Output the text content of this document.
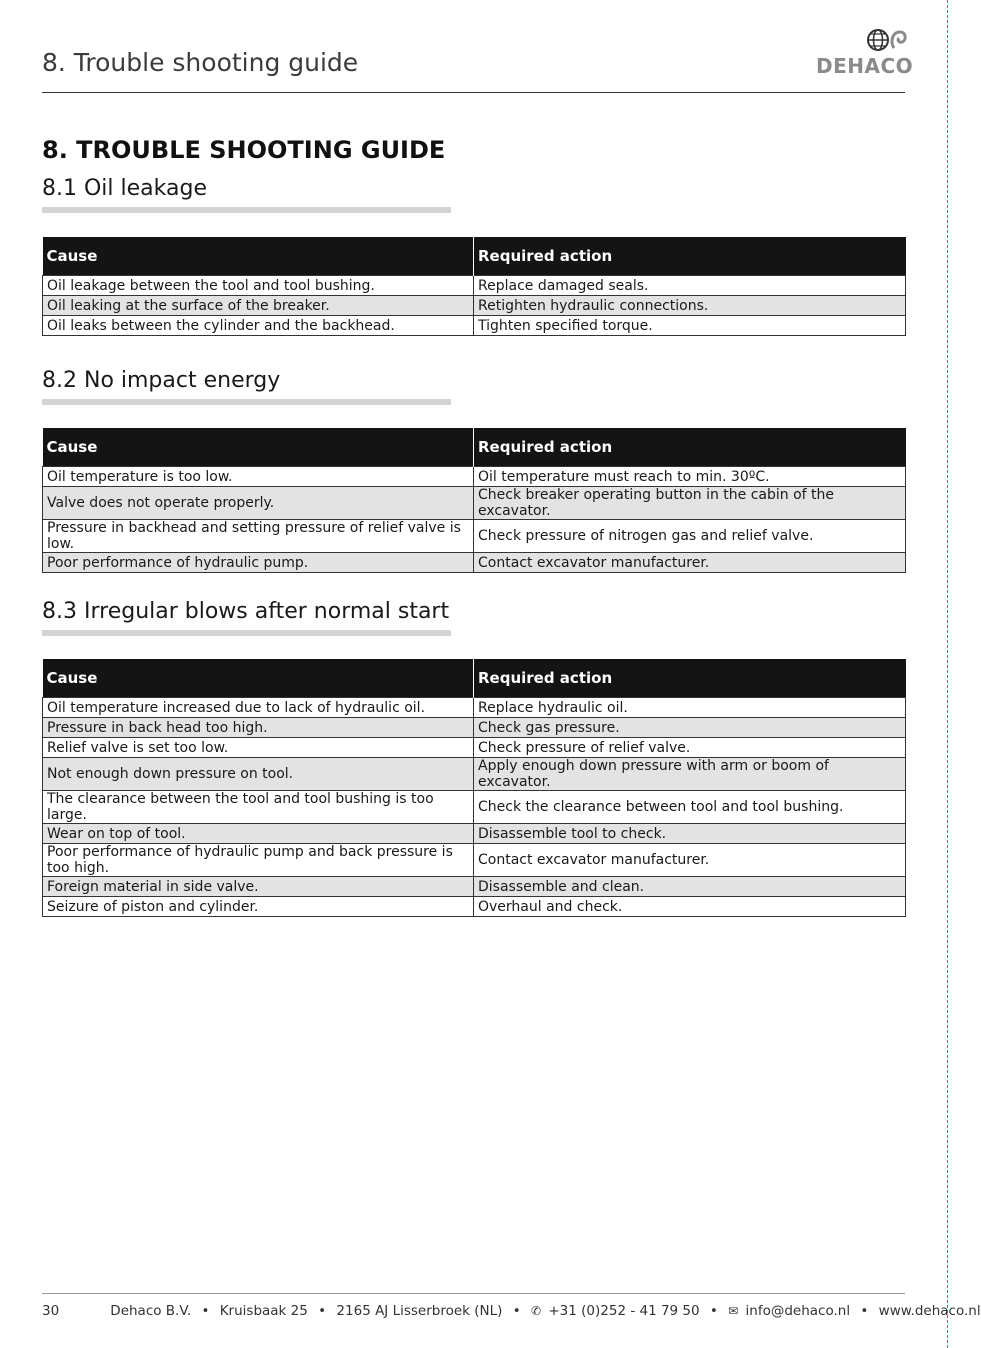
8. Trouble shooting guide	DEHACO
8. TROUBLE SHOOTING GUIDE
8.1 Oil leakage
Cause	Required action
Oil leakage between the tool and tool bushing.	Replace damaged seals.
Oil leaking at the surface of the breaker.	Retighten hydraulic connections.
Oil leaks between the cylinder and the backhead.	Tighten specified torque.
8.2 No impact energy
Cause	Required action
Oil temperature is too low.	Oil temperature must reach to min. 30ºC.
Valve does not operate properly.	Check breaker operating button in the cabin of the excavator.
Pressure in backhead and setting pressure of relief valve is low.	Check pressure of nitrogen gas and relief valve.
Poor performance of hydraulic pump.	Contact excavator manufacturer.
8.3 Irregular blows after normal start
Cause	Required action
Oil temperature increased due to lack of hydraulic oil.	Replace hydraulic oil.
Pressure in back head too high.	Check gas pressure.
Relief valve is set too low.	Check pressure of relief valve.
Not enough down pressure on tool.	Apply enough down pressure with arm or boom of excavator.
The clearance between the tool and tool bushing is too large.	Check the clearance between tool and tool bushing.
Wear on top of tool.	Disassemble tool to check.
Poor performance of hydraulic pump and back pressure is too high.	Contact excavator manufacturer.
Foreign material in side valve.	Disassemble and clean.
Seizure of piston and cylinder.	Overhaul and check.
30	Dehaco B.V. • Kruisbaak 25 • 2165 AJ Lisserbroek (NL) • ✆ +31 (0)252 - 41 79 50 • ✉ info@dehaco.nl • www.dehaco.nl
